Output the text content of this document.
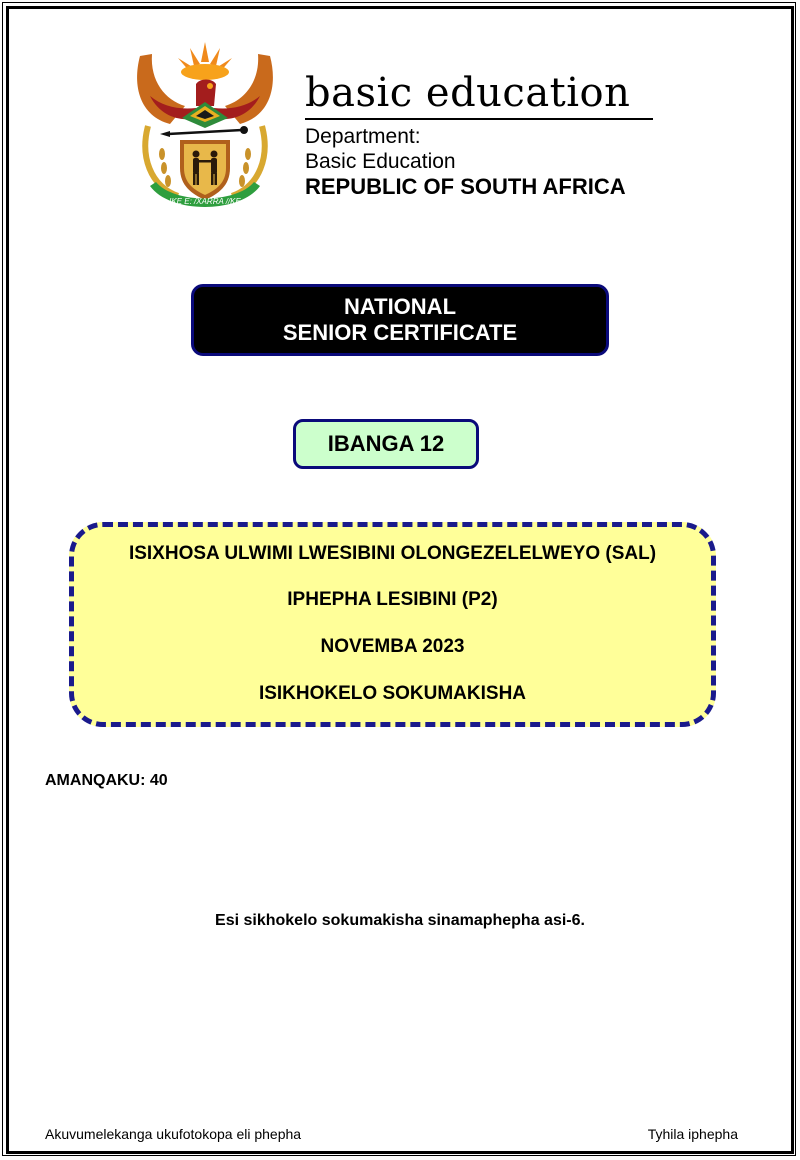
!KE E: /XARRA //KE
basic education
Department:
Basic Education
REPUBLIC OF SOUTH AFRICA
NATIONAL
SENIOR CERTIFICATE
IBANGA 12
ISIXHOSA ULWIMI LWESIBINI OLONGEZELELWEYO (SAL)
IPHEPHA LESIBINI (P2)
NOVEMBA 2023
ISIKHOKELO SOKUMAKISHA
AMANQAKU: 40
Esi sikhokelo sokumakisha sinamaphepha asi-6.
Akuvumelekanga ukufotokopa eli phepha	Tyhila iphepha
